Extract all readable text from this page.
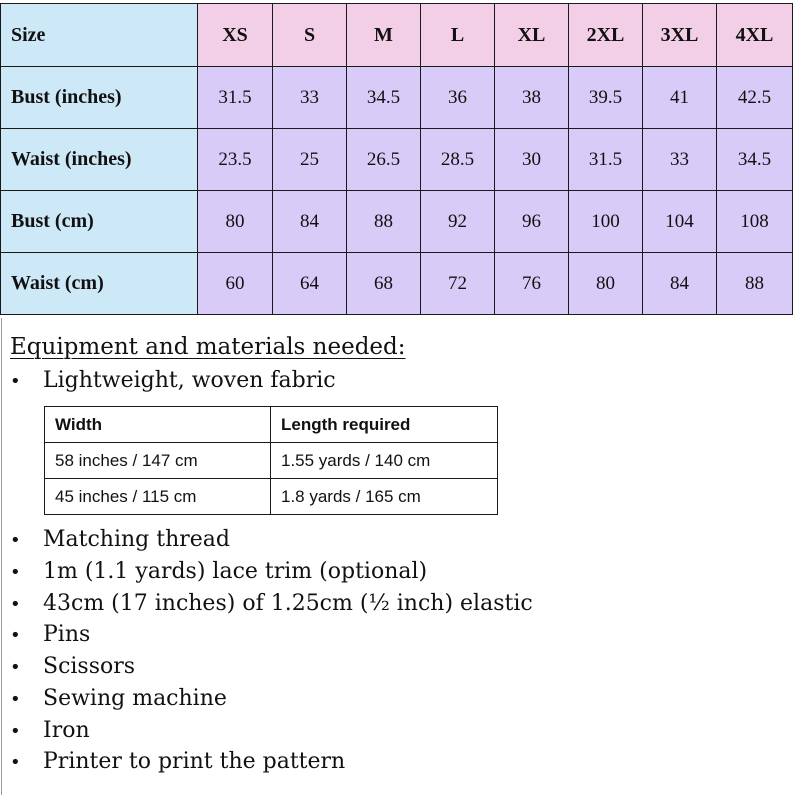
Size	XS	S	M	L	XL	2XL	3XL	4XL
Bust (inches)	31.5	33	34.5	36	38	39.5	41	42.5
Waist (inches)	23.5	25	26.5	28.5	30	31.5	33	34.5
Bust (cm)	80	84	88	92	96	100	104	108
Waist (cm)	60	64	68	72	76	80	84	88
Equipment and materials needed:
• Lightweight, woven fabric
Width	Length required
58 inches / 147 cm	1.55 yards / 140 cm
45 inches / 115 cm	1.8 yards / 165 cm
• Matching thread
• 1m (1.1 yards) lace trim (optional)
• 43cm (17 inches) of 1.25cm (½ inch) elastic
• Pins
• Scissors
• Sewing machine
• Iron
• Printer to print the pattern
